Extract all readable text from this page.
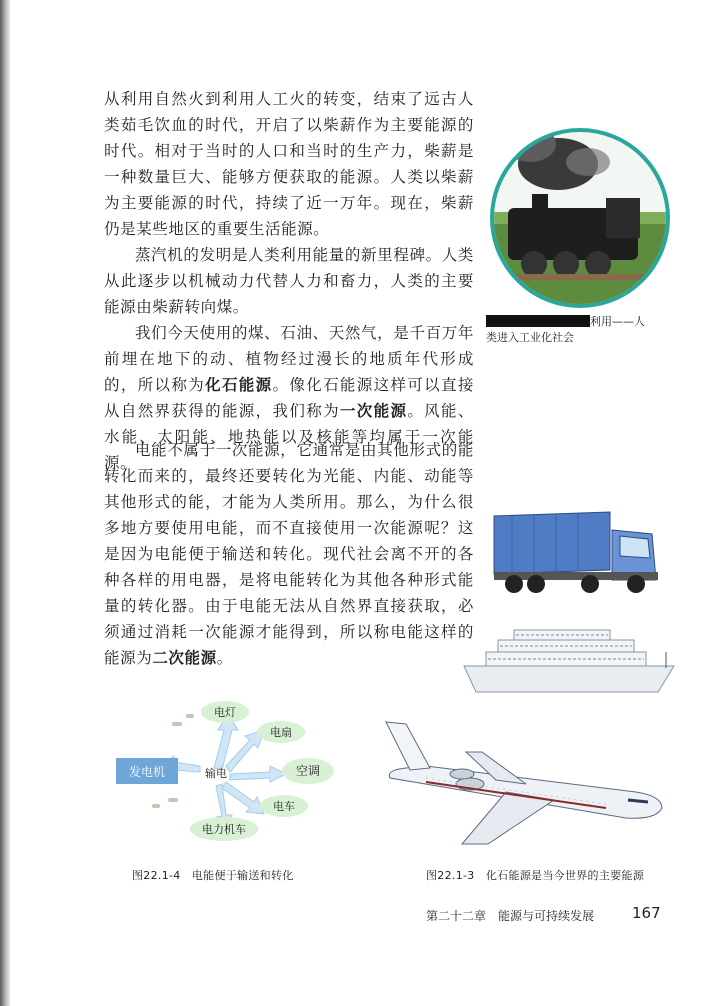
从利用自然火到利用人工火的转变，结束了远古人类茹毛饮血的时代，开启了以柴薪作为主要能源的时代。相对于当时的人口和当时的生产力，柴薪是一种数量巨大、能够方便获取的能源。人类以柴薪为主要能源的时代，持续了近一万年。现在，柴薪仍是某些地区的重要生活能源。

蒸汽机的发明是人类利用能量的新里程碑。人类从此逐步以机械动力代替人力和畜力，人类的主要能源由柴薪转向煤。

我们今天使用的煤、石油、天然气，是千百万年前埋在地下的动、植物经过漫长的地质年代形成的，所以称为化石能源。像化石能源这样可以直接从自然界获得的能源，我们称为一次能源。风能、水能、太阳能、地热能以及核能等均属于一次能源。

电能不属于一次能源，它通常是由其他形式的能转化而来的，最终还要转化为光能、内能、动能等其他形式的能，才能为人类所用。那么，为什么很多地方要使用电能，而不直接使用一次能源呢？这是因为电能便于输送和转化。现代社会离不开的各种各样的用电器，是将电能转化为其他各种形式能量的转化器。由于电能无法从自然界直接获取，必须通过消耗一次能源才能得到，所以称电能这样的能源为二次能源。

利用——人
类进入工业化社会
发电机	输电
电灯
电扇
空调
电车
电力机车
图22.1-4　电能便于输送和转化	图22.1-3　化石能源是当今世界的主要能源
第二十二章　能源与可持续发展	167
